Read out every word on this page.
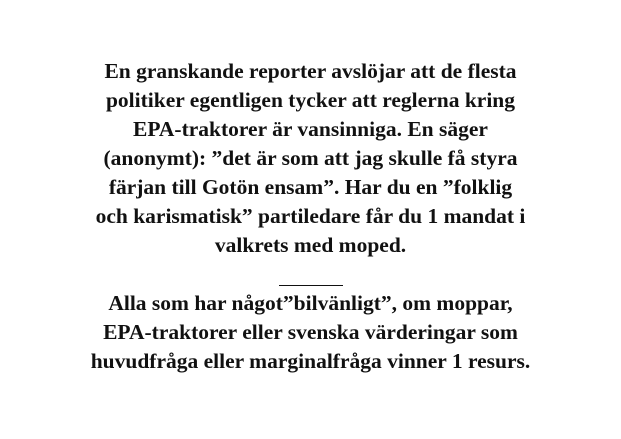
En granskande reporter avslöjar att de flesta
politiker egentligen tycker att reglerna kring
EPA-traktorer är vansinniga. En säger
(anonymt): ”det är som att jag skulle få styra
färjan till Gotön ensam”. Har du en ”folklig
och karismatisk” partiledare får du 1 mandat i
valkrets med moped.

Alla som har något”bilvänligt”, om moppar,
EPA-traktorer eller svenska värderingar som
huvudfråga eller marginalfråga vinner 1 resurs.
